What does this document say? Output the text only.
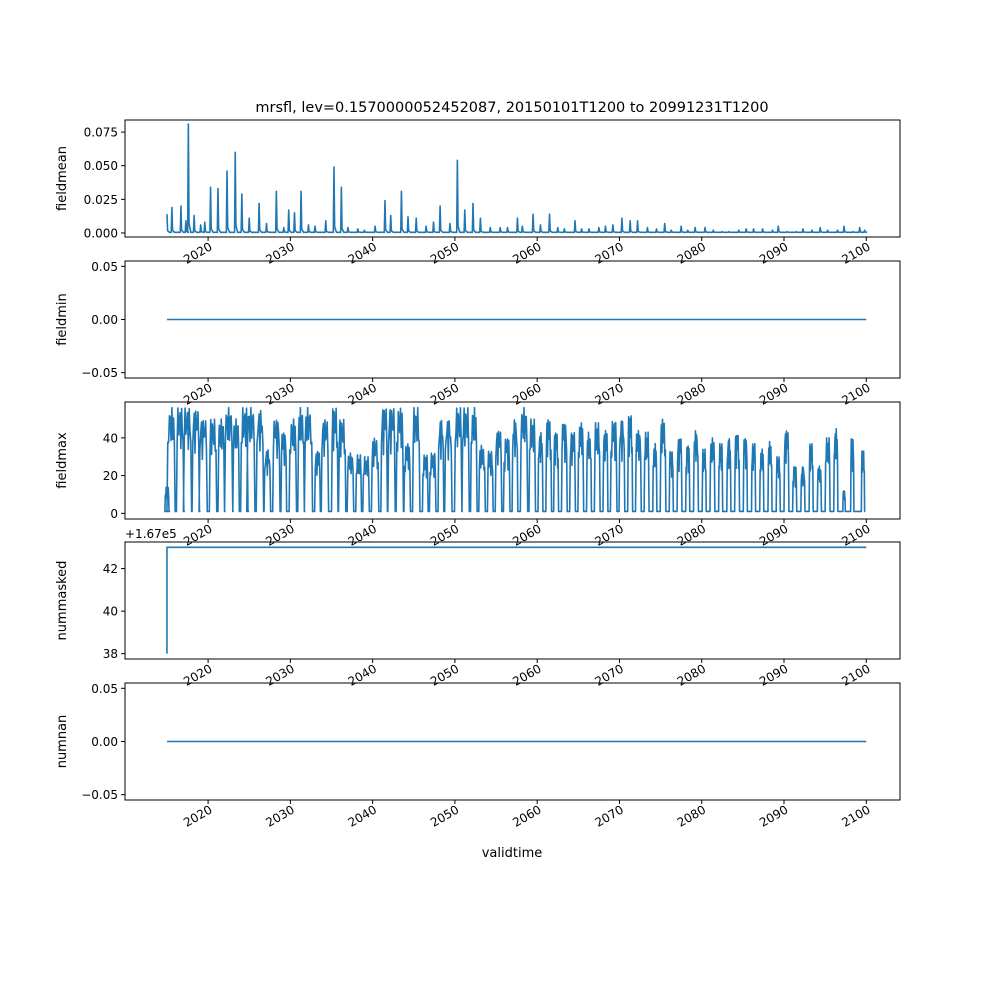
mrsfl, lev=0.1570000052452087, 20150101T1200 to 20991231T1200
0.000
0.025
0.050
0.075
2020	2030	2040	2050	2060	2070	2080	2090	2100
fieldmean
−0.05
0.00
0.05
2020	2030	2040	2050	2060	2070	2080	2090	2100
fieldmin
0
20
40
2020	2030	2040	2050	2060	2070	2080	2090	2100
fieldmax
38
40
42
2020	2030	2040	2050	2060	2070	2080	2090	2100
nummasked
+1.67e5
−0.05
0.00
0.05
2020	2030	2040	2050	2060	2070	2080	2090	2100
numnan
validtime
